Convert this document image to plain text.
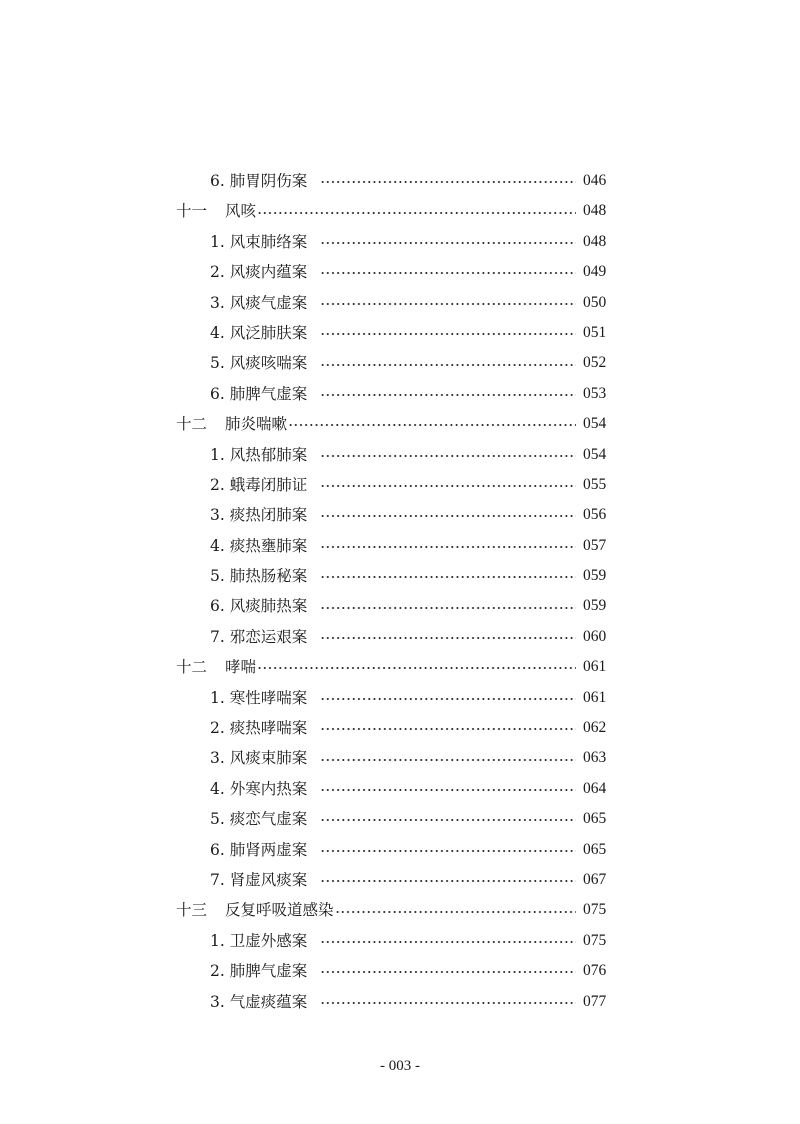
6. 肺胃阴伤案	046
十一 风咳	048
1. 风束肺络案	048
2. 风痰内蕴案	049
3. 风痰气虚案	050
4. 风泛肺肤案	051
5. 风痰咳喘案	052
6. 肺脾气虚案	053
十二 肺炎喘嗽	054
1. 风热郁肺案	054
2. 蛾毒闭肺证	055
3. 痰热闭肺案	056
4. 痰热壅肺案	057
5. 肺热肠秘案	059
6. 风痰肺热案	059
7. 邪恋运艰案	060
十二 哮喘	061
1. 寒性哮喘案	061
2. 痰热哮喘案	062
3. 风痰束肺案	063
4. 外寒内热案	064
5. 痰恋气虚案	065
6. 肺肾两虚案	065
7. 肾虚风痰案	067
十三 反复呼吸道感染	075
1. 卫虚外感案	075
2. 肺脾气虚案	076
3. 气虚痰蕴案	077
- 003 -
